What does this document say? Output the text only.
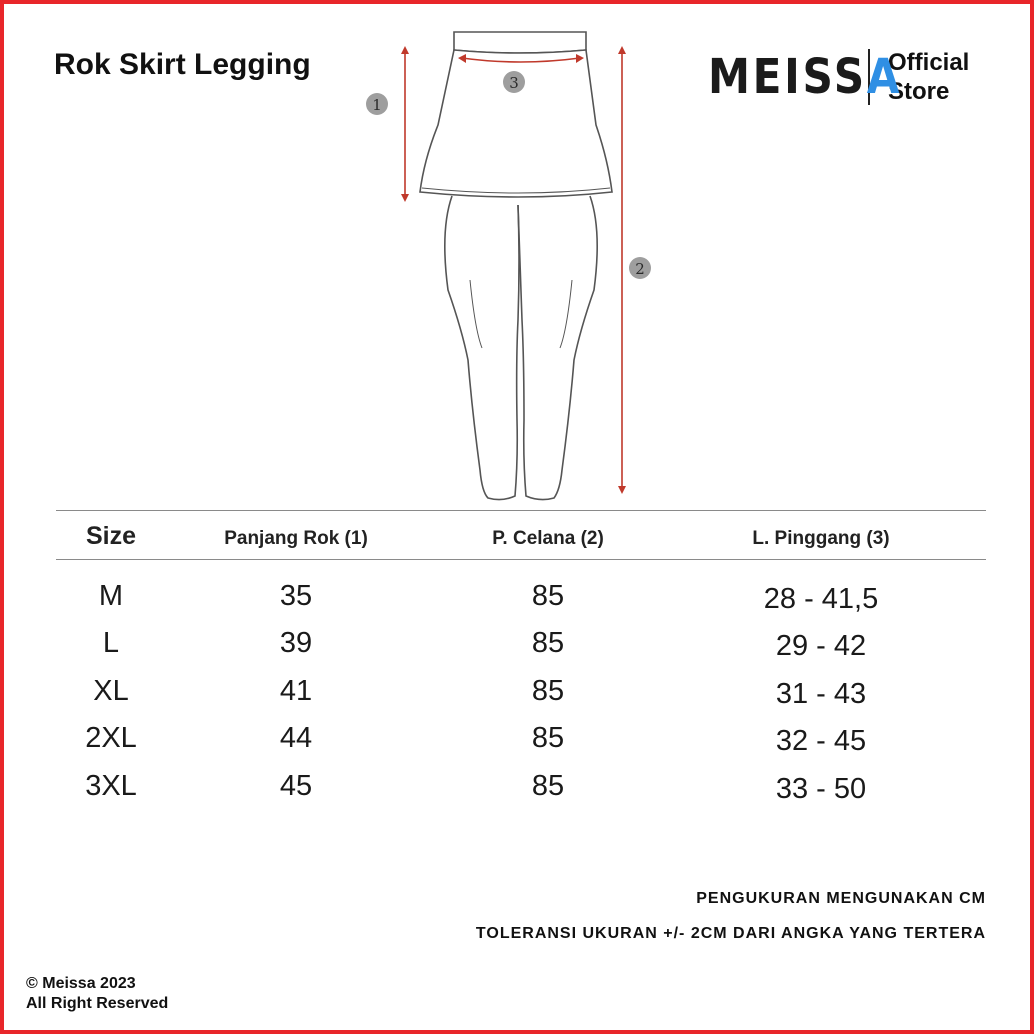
Rok Skirt Legging	MEISSA
Official
Store
1
2
3
Size	Panjang Rok (1)	P. Celana (2)	L. Pinggang (3)
M	35	85	28 - 41,5
L	39	85	29 - 42
XL	41	85	31 - 43
2XL	44	85	32 - 45
3XL	45	85	33 - 50
PENGUKURAN MENGUNAKAN CM
TOLERANSI UKURAN +/- 2CM DARI ANGKA YANG TERTERA
© Meissa 2023
All Right Reserved
